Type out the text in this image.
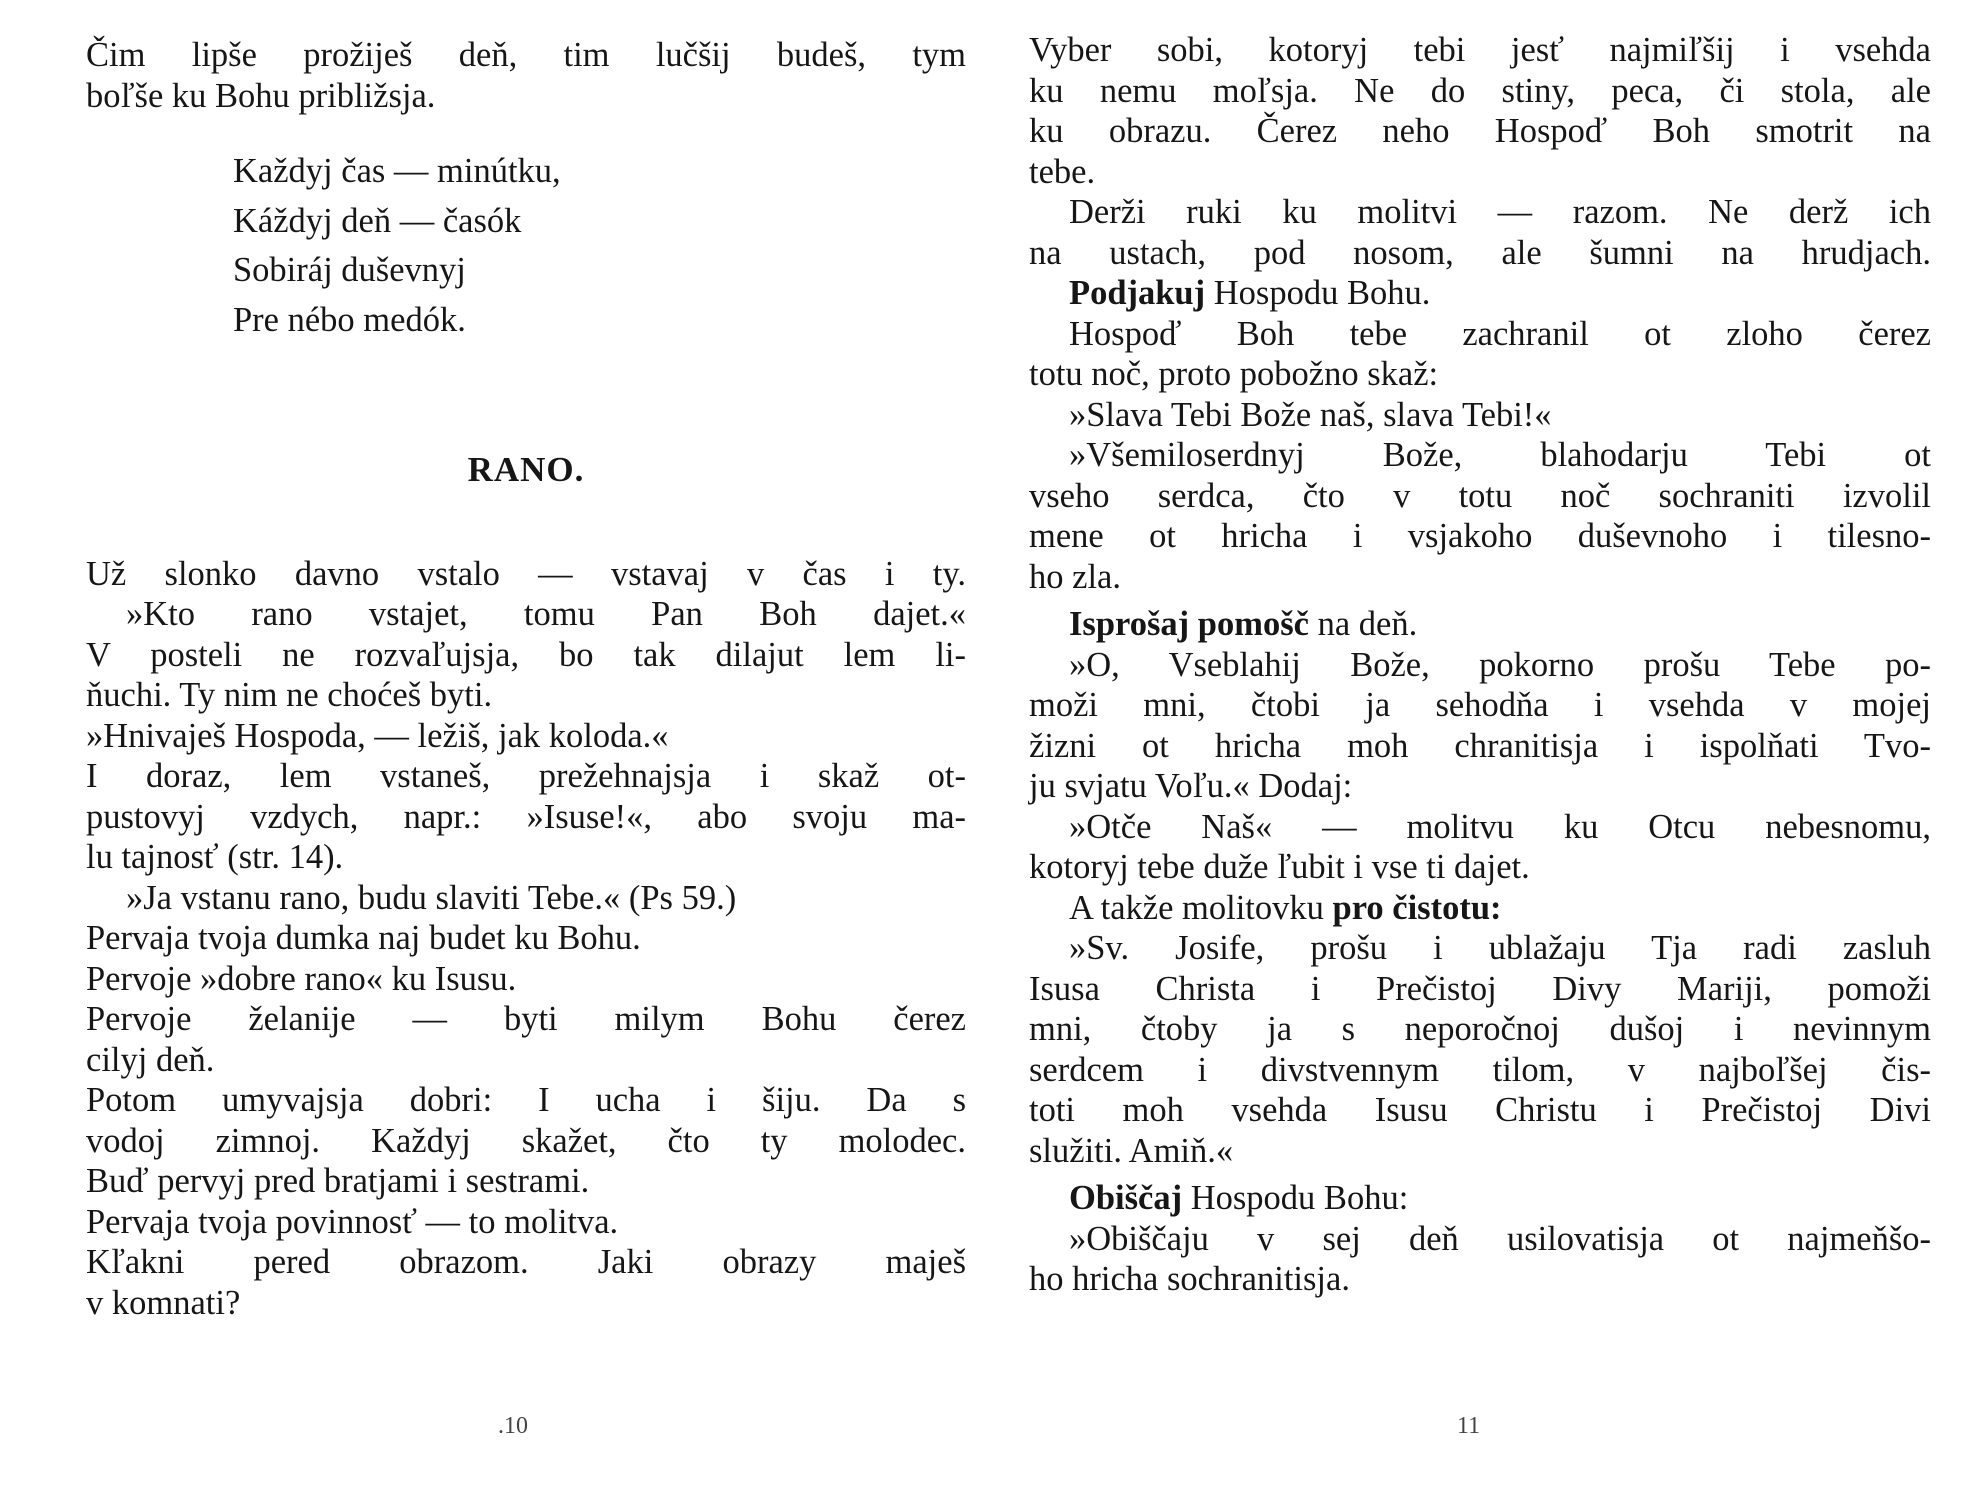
Čim lipše prožiješ deň, tim lučšij budeš, tym

boľše ku Bohu približsja.

Každyj čas — minútku,
Káždyj deň — časók
Sobiráj duševnyj
Pre nébo medók.
RANO.

Už slonko davno vstalo — vstavaj v čas i ty.

»Kto rano vstajet, tomu Pan Boh dajet.«

V posteli ne rozvaľujsja, bo tak dilajut lem li-

ňuchi. Ty nim ne choćeš byti.

»Hnivaješ Hospoda, — ležiš, jak koloda.«

I doraz, lem vstaneš, prežehnajsja i skaž ot-

pustovyj vzdych, napr.: »Isuse!«, abo svoju ma-

lu tajnosť (str. 14).

»Ja vstanu rano, budu slaviti Tebe.« (Ps 59.)

Pervaja tvoja dumka naj budet ku Bohu.

Pervoje »dobre rano« ku Isusu.

Pervoje želanije — byti milym Bohu čerez

cilyj deň.

Potom umyvajsja dobri: I ucha i šiju. Da s

vodoj zimnoj. Každyj skažet, čto ty molodec.

Buď pervyj pred bratjami i sestrami.

Pervaja tvoja povinnosť — to molitva.

Kľakni pered obrazom. Jaki obrazy maješ

v komnati?

.10

Vyber sobi, kotoryj tebi jesť najmiľšij i vsehda

ku nemu moľsja. Ne do stiny, peca, či stola, ale

ku obrazu. Čerez neho Hospoď Boh smotrit na

tebe.

Derži ruki ku molitvi — razom. Ne derž ich

na ustach, pod nosom, ale šumni na hrudjach.

Podjakuj Hospodu Bohu.

Hospoď Boh tebe zachranil ot zloho čerez

totu noč, proto pobožno skaž:

»Slava Tebi Bože naš, slava Tebi!«

»Všemiloserdnyj Bože, blahodarju Tebi ot

vseho serdca, čto v totu noč sochraniti izvolil

mene ot hricha i vsjakoho duševnoho i tilesno-

ho zla.

Isprošaj pomošč na deň.

»O, Vseblahij Bože, pokorno prošu Tebe po-

moži mni, čtobi ja sehodňa i vsehda v mojej

žizni ot hricha moh chranitisja i ispolňati Tvo-

ju svjatu Voľu.« Dodaj:

»Otče Naš« — molitvu ku Otcu nebesnomu,

kotoryj tebe duže ľubit i vse ti dajet.

A takže molitovku pro čistotu:

»Sv. Josife, prošu i ublažaju Tja radi zasluh

Isusa Christa i Prečistoj Divy Mariji, pomoži

mni, čtoby ja s neporočnoj dušoj i nevinnym

serdcem i divstvennym tilom, v najboľšej čis-

toti moh vsehda Isusu Christu i Prečistoj Divi

služiti. Amiň.«

Obiščaj Hospodu Bohu:

»Obiščaju v sej deň usilovatisja ot najmeňšo-

ho hricha sochranitisja.

11
